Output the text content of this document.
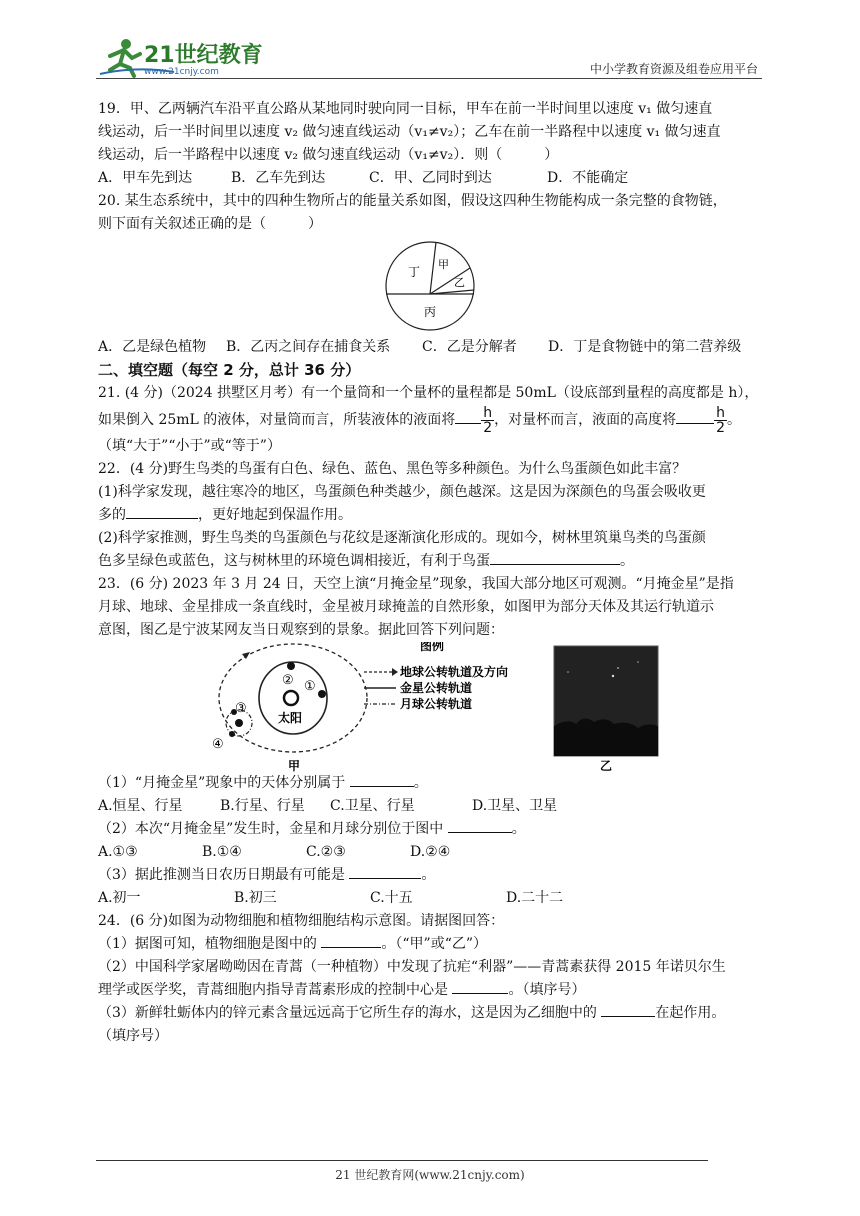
21世纪教育
www.21cnjy.com	中小学教育资源及组卷应用平台

19．甲、乙两辆汽车沿平直公路从某地同时驶向同一目标，甲车在前一半时间里以速度 v₁ 做匀速直

线运动，后一半时间里以速度 v₂ 做匀速直线运动（v₁≠v₂）；乙车在前一半路程中以速度 v₁ 做匀速直

线运动，后一半路程中以速度 v₂ 做匀速直线运动（v₁≠v₂）．则（　　　）

A．甲车先到达	B．乙车先到达	C．甲、乙同时到达	D．不能确定

20. 某生态系统中，其中的四种生物所占的能量关系如图，假设这四种生物能构成一条完整的食物链，

则下面有关叙述正确的是（　　　）

丁
甲
乙
丙
A．乙是绿色植物	B．乙丙之间存在捕食关系	C．乙是分解者	D．丁是食物链中的第二营养级

二、填空题（每空 2 分，总计 36 分）

21. (4 分)（2024 拱墅区月考）有一个量筒和一个量杯的量程都是 50mL（设底部到量程的高度都是 h），

如果倒入 25mL 的液体，对量筒而言，所装液体的液面将 $\frac{h}{2}$ ，对量杯而言，液面的高度将	$\frac{h}{2}$ 。

（填“大于”“小于”或“等于”）

22．(4 分)野生鸟类的鸟蛋有白色、绿色、蓝色、黑色等多种颜色。为什么鸟蛋颜色如此丰富？

(1)科学家发现，越往寒冷的地区，鸟蛋颜色种类越少，颜色越深。这是因为深颜色的鸟蛋会吸收更

多的	，更好地起到保温作用。

(2)科学家推测，野生鸟类的鸟蛋颜色与花纹是逐渐演化形成的。现如今，树林里筑巢鸟类的鸟蛋颜

色多呈绿色或蓝色，这与树林里的环境色调相接近，有利于鸟蛋	。

23．(6 分) 2023 年 3 月 24 日，天空上演“月掩金星”现象，我国大部分地区可观测。“月掩金星”是指

月球、地球、金星排成一条直线时，金星被月球掩盖的自然形象，如图甲为部分天体及其运行轨道示

意图，图乙是宁波某网友当日观察到的景象。据此回答下列问题：

太阳
② ①
③
④
图例
地球公转轨道及方向
金星公转轨道
月球公转轨道
甲	乙

（1）“月掩金星”现象中的天体分别属于	。

A.恒星、行星	B.行星、行星	C.卫星、行星	D.卫星、卫星

（2）本次“月掩金星”发生时，金星和月球分别位于图中	。

A.①③	B.①④	C.②③	D.②④

（3）据此推测当日农历日期最有可能是	。

A.初一	B.初三	C.十五	D.二十二

24．(6 分)如图为动物细胞和植物细胞结构示意图。请据图回答：

（1）据图可知，植物细胞是图中的	。（“甲”或“乙”）

（2）中国科学家屠呦呦因在青蒿（一种植物）中发现了抗疟“利器”——青蒿素获得 2015 年诺贝尔生

理学或医学奖，青蒿细胞内指导青蒿素形成的控制中心是	。（填序号）

（3）新鲜牡蛎体内的锌元素含量远远高于它所生存的海水，这是因为乙细胞中的	在起作用。

（填序号）

21 世纪教育网(www.21cnjy.com)
